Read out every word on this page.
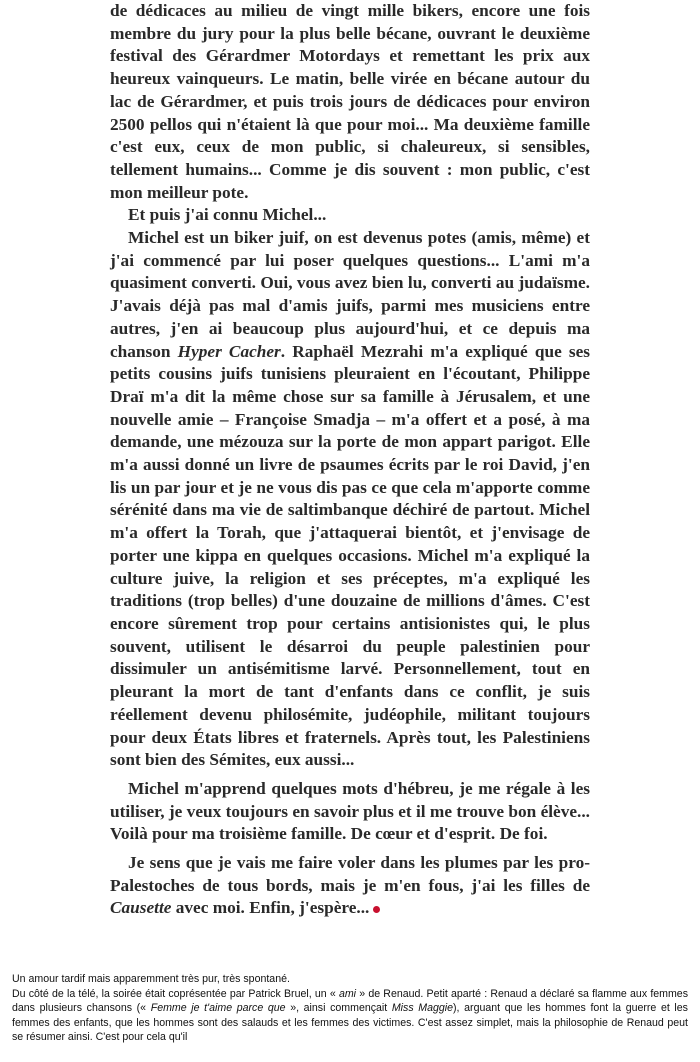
de dédicaces au milieu de vingt mille bikers, encore une fois membre du jury pour la plus belle bécane, ouvrant le deuxième festival des Gérardmer Motordays et remettant les prix aux heureux vainqueurs. Le matin, belle virée en bécane autour du lac de Gérardmer, et puis trois jours de dédicaces pour environ 2500 pellos qui n'étaient là que pour moi... Ma deuxième famille c'est eux, ceux de mon public, si chaleureux, si sensibles, tellement humains... Comme je dis souvent : mon public, c'est mon meilleur pote.

Et puis j'ai connu Michel...

Michel est un biker juif, on est devenus potes (amis, même) et j'ai commencé par lui poser quelques questions... L'ami m'a quasiment converti. Oui, vous avez bien lu, converti au judaïsme. J'avais déjà pas mal d'amis juifs, parmi mes musiciens entre autres, j'en ai beaucoup plus aujourd'hui, et ce depuis ma chanson Hyper Cacher. Raphaël Mezrahi m'a expliqué que ses petits cousins juifs tunisiens pleuraient en l'écoutant, Philippe Draï m'a dit la même chose sur sa famille à Jérusalem, et une nouvelle amie – Françoise Smadja – m'a offert et a posé, à ma demande, une mézouza sur la porte de mon appart parigot. Elle m'a aussi donné un livre de psaumes écrits par le roi David, j'en lis un par jour et je ne vous dis pas ce que cela m'apporte comme sérénité dans ma vie de saltimbanque déchiré de partout. Michel m'a offert la Torah, que j'attaquerai bientôt, et j'envisage de porter une kippa en quelques occasions. Michel m'a expliqué la culture juive, la religion et ses préceptes, m'a expliqué les traditions (trop belles) d'une douzaine de millions d'âmes. C'est encore sûrement trop pour certains antisionistes qui, le plus souvent, utilisent le désarroi du peuple palestinien pour dissimuler un antisémitisme larvé. Personnellement, tout en pleurant la mort de tant d'enfants dans ce conflit, je suis réellement devenu philosémite, judéophile, militant toujours pour deux États libres et fraternels. Après tout, les Palestiniens sont bien des Sémites, eux aussi...

Michel m'apprend quelques mots d'hébreu, je me régale à les utiliser, je veux toujours en savoir plus et il me trouve bon élève... Voilà pour ma troisième famille. De cœur et d'esprit. De foi.

Je sens que je vais me faire voler dans les plumes par les pro-Palestoches de tous bords, mais je m'en fous, j'ai les filles de Causette avec moi. Enfin, j'espère...

Un amour tardif mais apparemment très pur, très spontané.

Du côté de la télé, la soirée était coprésentée par Patrick Bruel, un « ami » de Renaud. Petit aparté : Renaud a déclaré sa flamme aux femmes dans plusieurs chansons (« Femme je t'aime parce que », ainsi commençait Miss Maggie), arguant que les hommes font la guerre et les femmes des enfants, que les hommes sont des salauds et les femmes des victimes. C'est assez simplet, mais la philosophie de Renaud peut se résumer ainsi. C'est pour cela qu'il
